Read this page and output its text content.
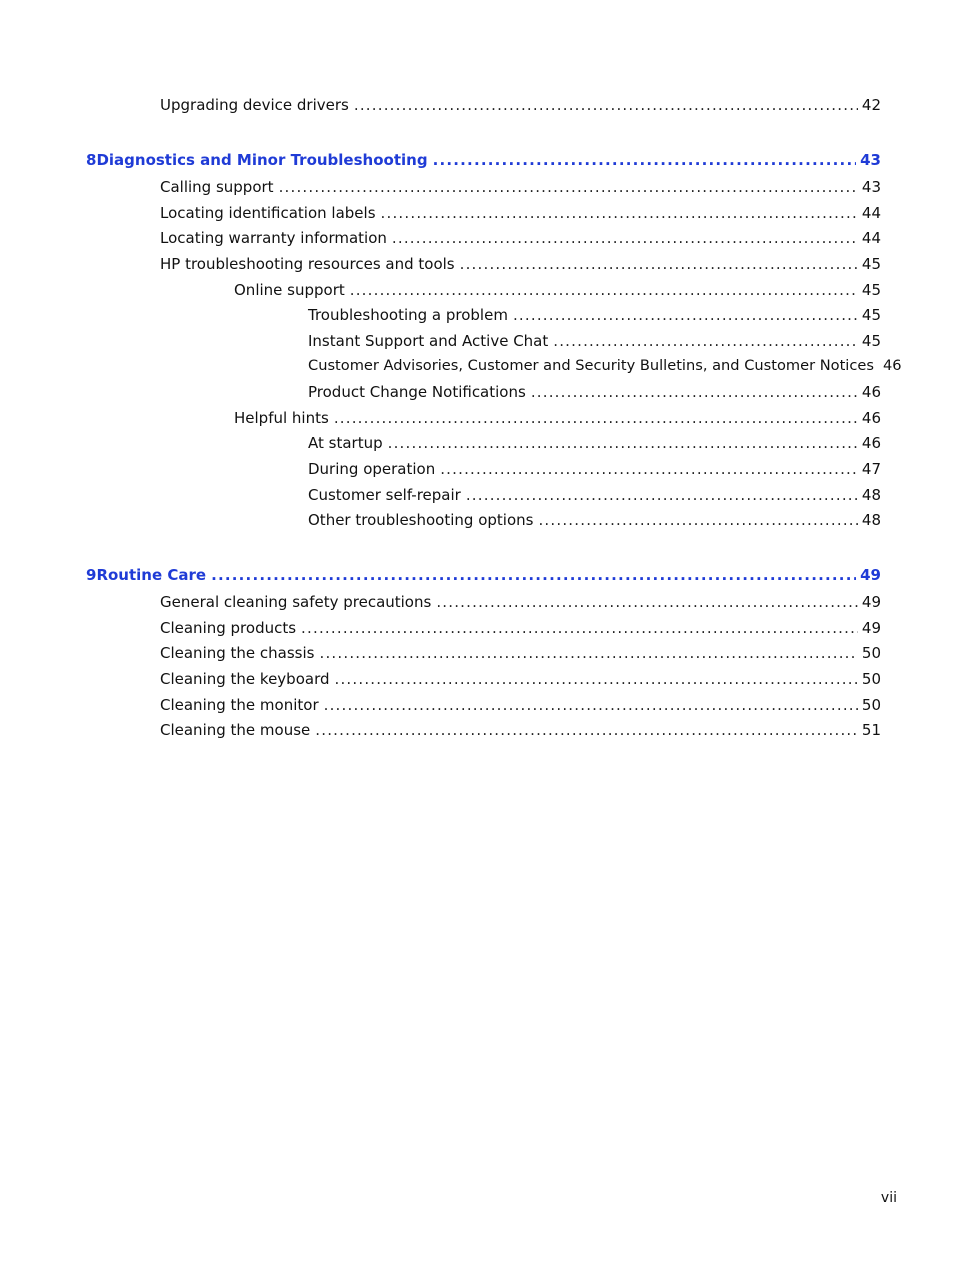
Upgrading device drivers .....	42
8 Diagnostics and Minor Troubleshooting .....	43
Calling support .....	43
Locating identification labels .....	44
Locating warranty information .....	44
HP troubleshooting resources and tools .....	45
Online support .....	45
Troubleshooting a problem .....	45
Instant Support and Active Chat .....	45
Customer Advisories, Customer and Security Bulletins, and Customer Notices 46
Product Change Notifications .....	46
Helpful hints .....	46
At startup .....	46
During operation .....	47
Customer self-repair .....	48
Other troubleshooting options .....	48
9 Routine Care .....	49
General cleaning safety precautions .....	49
Cleaning products .....	49
Cleaning the chassis .....	50
Cleaning the keyboard .....	50
Cleaning the monitor .....	50
Cleaning the mouse .....	51
vii
